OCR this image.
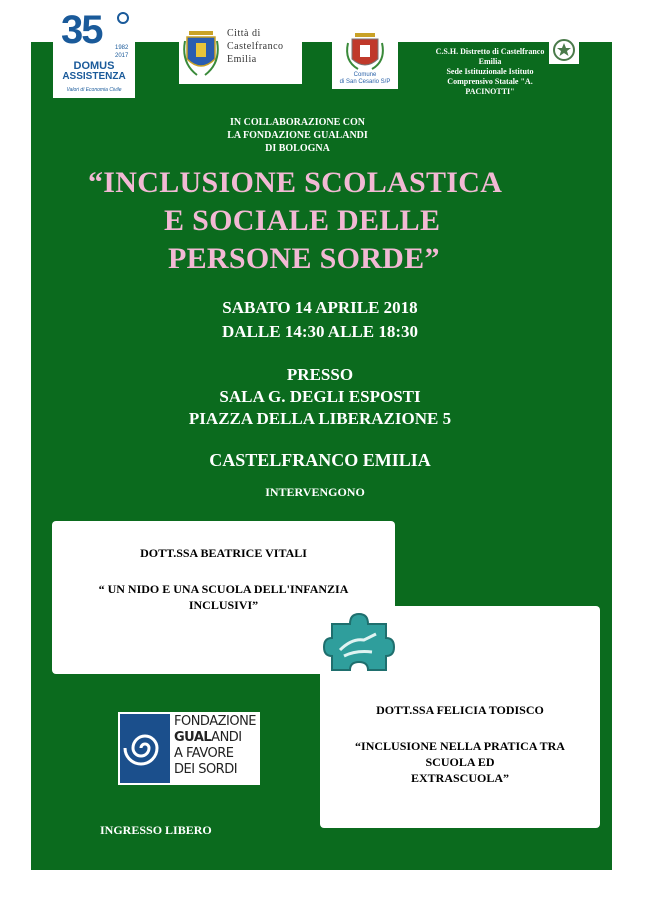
35 1982
2017
DOMUS
ASSISTENZA
Valori di Economia Civile
Città di
Castelfranco
Emilia
Comune
di San Cesario S/P
C.S.H. Distretto di Castelfranco Emilia
Sede Istituzionale Istituto
Comprensivo Statale "A. PACINOTTI"
IN COLLABORAZIONE CON
LA FONDAZIONE GUALANDI
DI BOLOGNA
“INCLUSIONE SCOLASTICA
E SOCIALE DELLE
PERSONE SORDE”
SABATO 14 APRILE 2018
DALLE 14:30 ALLE 18:30
PRESSO
SALA G. DEGLI ESPOSTI
PIAZZA DELLA LIBERAZIONE 5
CASTELFRANCO EMILIA
INTERVENGONO
DOTT.SSA BEATRICE VITALI
“ UN NIDO E UNA SCUOLA DELL'INFANZIA
INCLUSIVI”
DOTT.SSA FELICIA TODISCO
“INCLUSIONE NELLA PRATICA TRA
SCUOLA ED
EXTRASCUOLA”
FONDAZIONE
GUALANDI
A FAVORE
DEI SORDI
INGRESSO LIBERO
